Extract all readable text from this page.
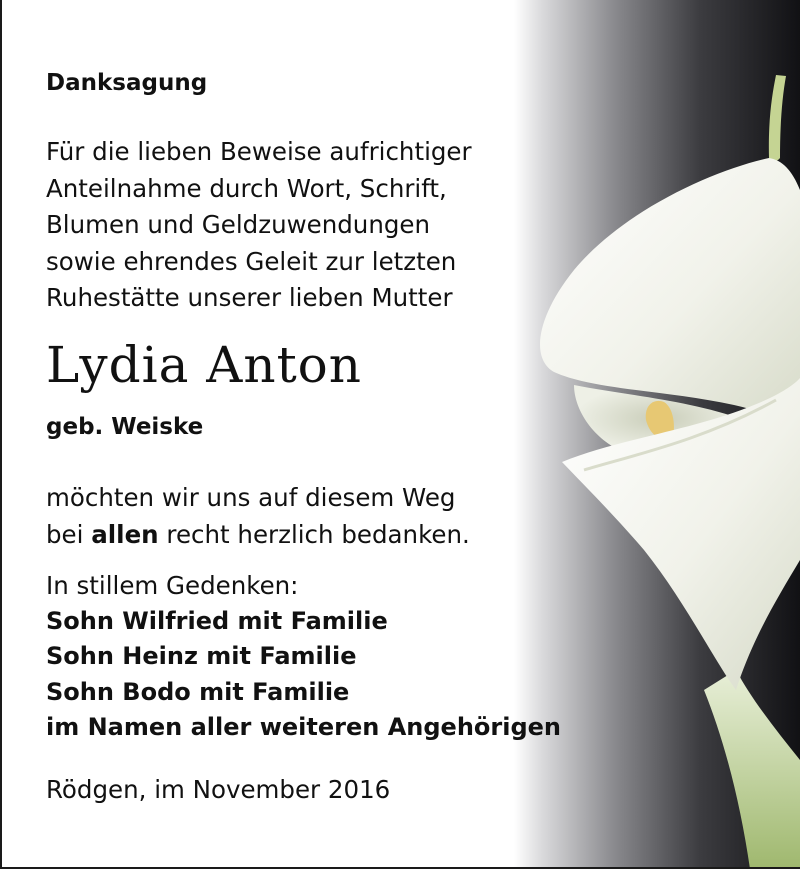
Danksagung
Für die lieben Beweise aufrichtiger
Anteilnahme durch Wort, Schrift,
Blumen und Geldzuwendungen
sowie ehrendes Geleit zur letzten
Ruhestätte unserer lieben Mutter
Lydia Anton
geb. Weiske
möchten wir uns auf diesem Weg
bei allen recht herzlich bedanken.
In stillem Gedenken:
Sohn Wilfried mit Familie
Sohn Heinz mit Familie
Sohn Bodo mit Familie
im Namen aller weiteren Angehörigen
Rödgen, im November 2016
